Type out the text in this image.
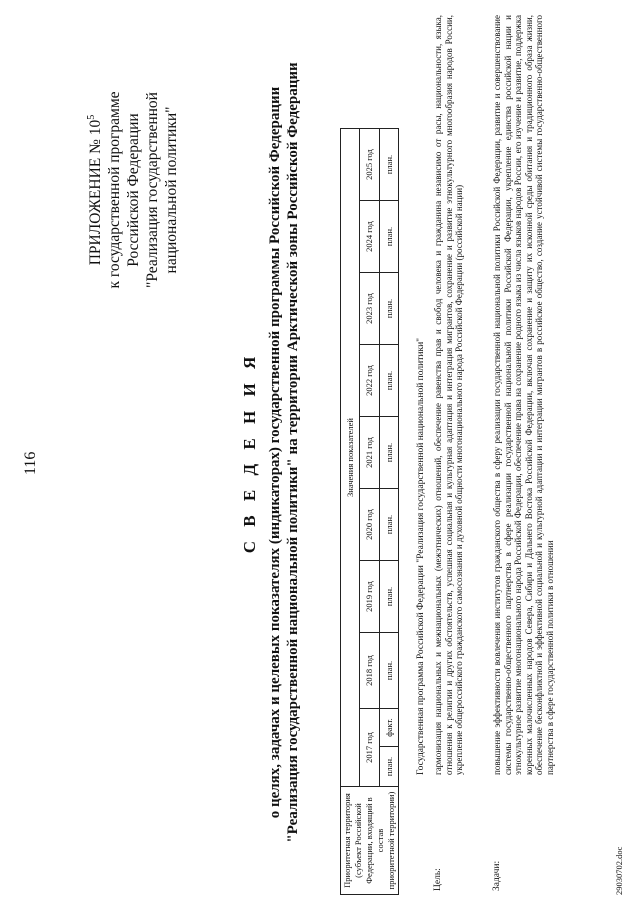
116
ПРИЛОЖЕНИЕ № $10^5$ к государственной программе Российской Федерации "Реализация государственной национальной политики"
С В Е Д Е Н И Я о целях, задачах и целевых показателях (индикаторах) государственной программы Российской Федерации "Реализация государственной национальной политики" на территории Арктической зоны Российской Федерации	Приоритетная территория (субъект Российской Федерации, входящий в состав приоритетной территории)	Значения показателей									
	2017 год		2018 год	2019 год	2020 год	2021 год	2022 год	2023 год	2024 год	2025 год
	план.	факт.	план.	план.	план.	план.	план.	план.	план.	план.
Государственная программа Российской Федерации "Реализация государственной национальной политики"
Цель:
гармонизация национальных и межнациональных (межэтнических) отношений, обеспечение равенства прав и свобод человека и гражданина независимо от расы, национальности, языка, отношения к религии и других обстоятельств, успешная социальная и культурная адаптация и интеграция мигрантов, сохранение и развитие этнокультурного многообразия народов России, укрепление общероссийского гражданского самосознания и духовной общности многонационального народа Российской Федерации (российской нации)
Задачи:
повышение эффективности вовлечения институтов гражданского общества в сферу реализации государственной национальной политики Российской Федерации, развитие и совершенствование системы государственно-общественного партнерства в сфере реализации государственной национальной политики Российской Федерации, укрепление единства российской нации и этнокультурное развитие многонационального народа Российской Федерации, обеспечение права на сохранение родного языка из числа языков народов России, его изучение и развитие, поддержка коренных малочисленных народов Севера, Сибири и Дальнего Востока Российской Федерации, включая сохранение и защиту их исконной среды обитания и традиционного образа жизни, обеспечение бесконфликтной и эффективной социальной и культурной адаптации и интеграции мигрантов в российское общество, создание устойчивой системы государственно-общественного партнерства в сфере государственной политики в отношении
29030702.doc
